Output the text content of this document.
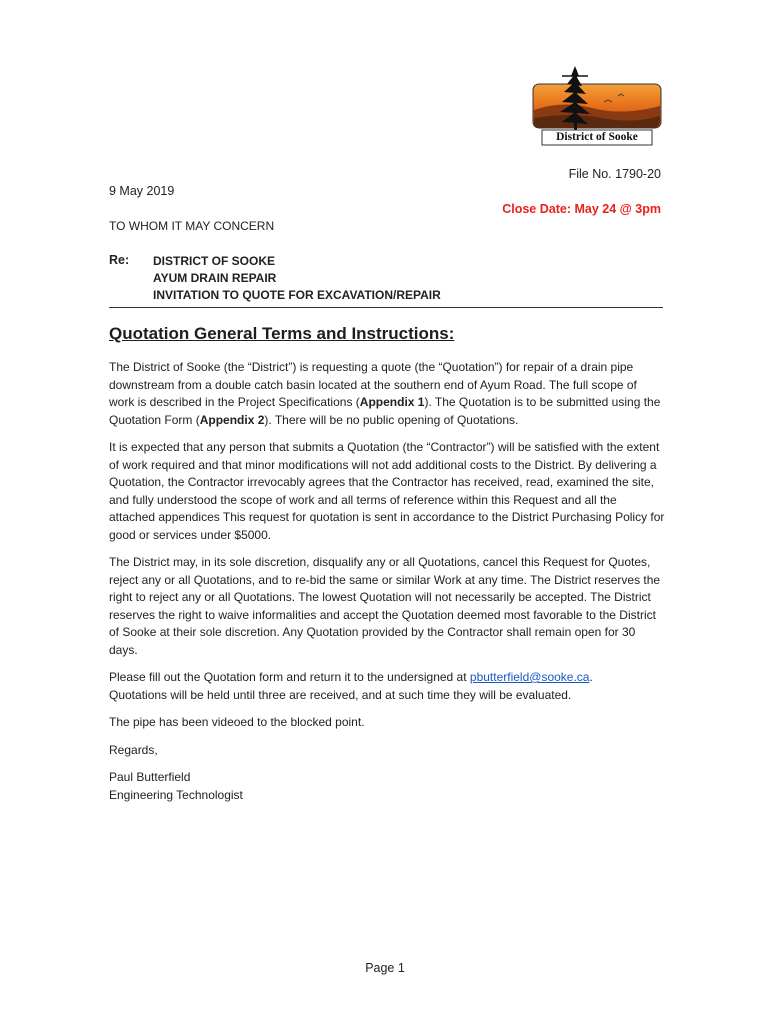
District of Sooke
File No. 1790-20
9 May 2019
Close Date: May 24 @ 3pm
TO WHOM IT MAY CONCERN
Re: DISTRICT OF SOOKE
AYUM DRAIN REPAIR
INVITATION TO QUOTE FOR EXCAVATION/REPAIR
Quotation General Terms and Instructions:

The District of Sooke (the “District”) is requesting a quote (the “Quotation”) for repair of a drain pipe downstream from a double catch basin located at the southern end of Ayum Road. The full scope of work is described in the Project Specifications (Appendix 1). The Quotation is to be submitted using the Quotation Form (Appendix 2). There will be no public opening of Quotations.

It is expected that any person that submits a Quotation (the “Contractor”) will be satisfied with the extent of work required and that minor modifications will not add additional costs to the District. By delivering a Quotation, the Contractor irrevocably agrees that the Contractor has received, read, examined the site, and fully understood the scope of work and all terms of reference within this Request and all the attached appendices This request for quotation is sent in accordance to the District Purchasing Policy for good or services under $5000.

The District may, in its sole discretion, disqualify any or all Quotations, cancel this Request for Quotes, reject any or all Quotations, and to re-bid the same or similar Work at any time. The District reserves the right to reject any or all Quotations. The lowest Quotation will not necessarily be accepted. The District reserves the right to waive informalities and accept the Quotation deemed most favorable to the District of Sooke at their sole discretion. Any Quotation provided by the Contractor shall remain open for 30 days.

Please fill out the Quotation form and return it to the undersigned at pbutterfield@sooke.ca.
Quotations will be held until three are received, and at such time they will be evaluated.

The pipe has been videoed to the blocked point.

Regards,

Paul Butterfield
Engineering Technologist
Page 1
